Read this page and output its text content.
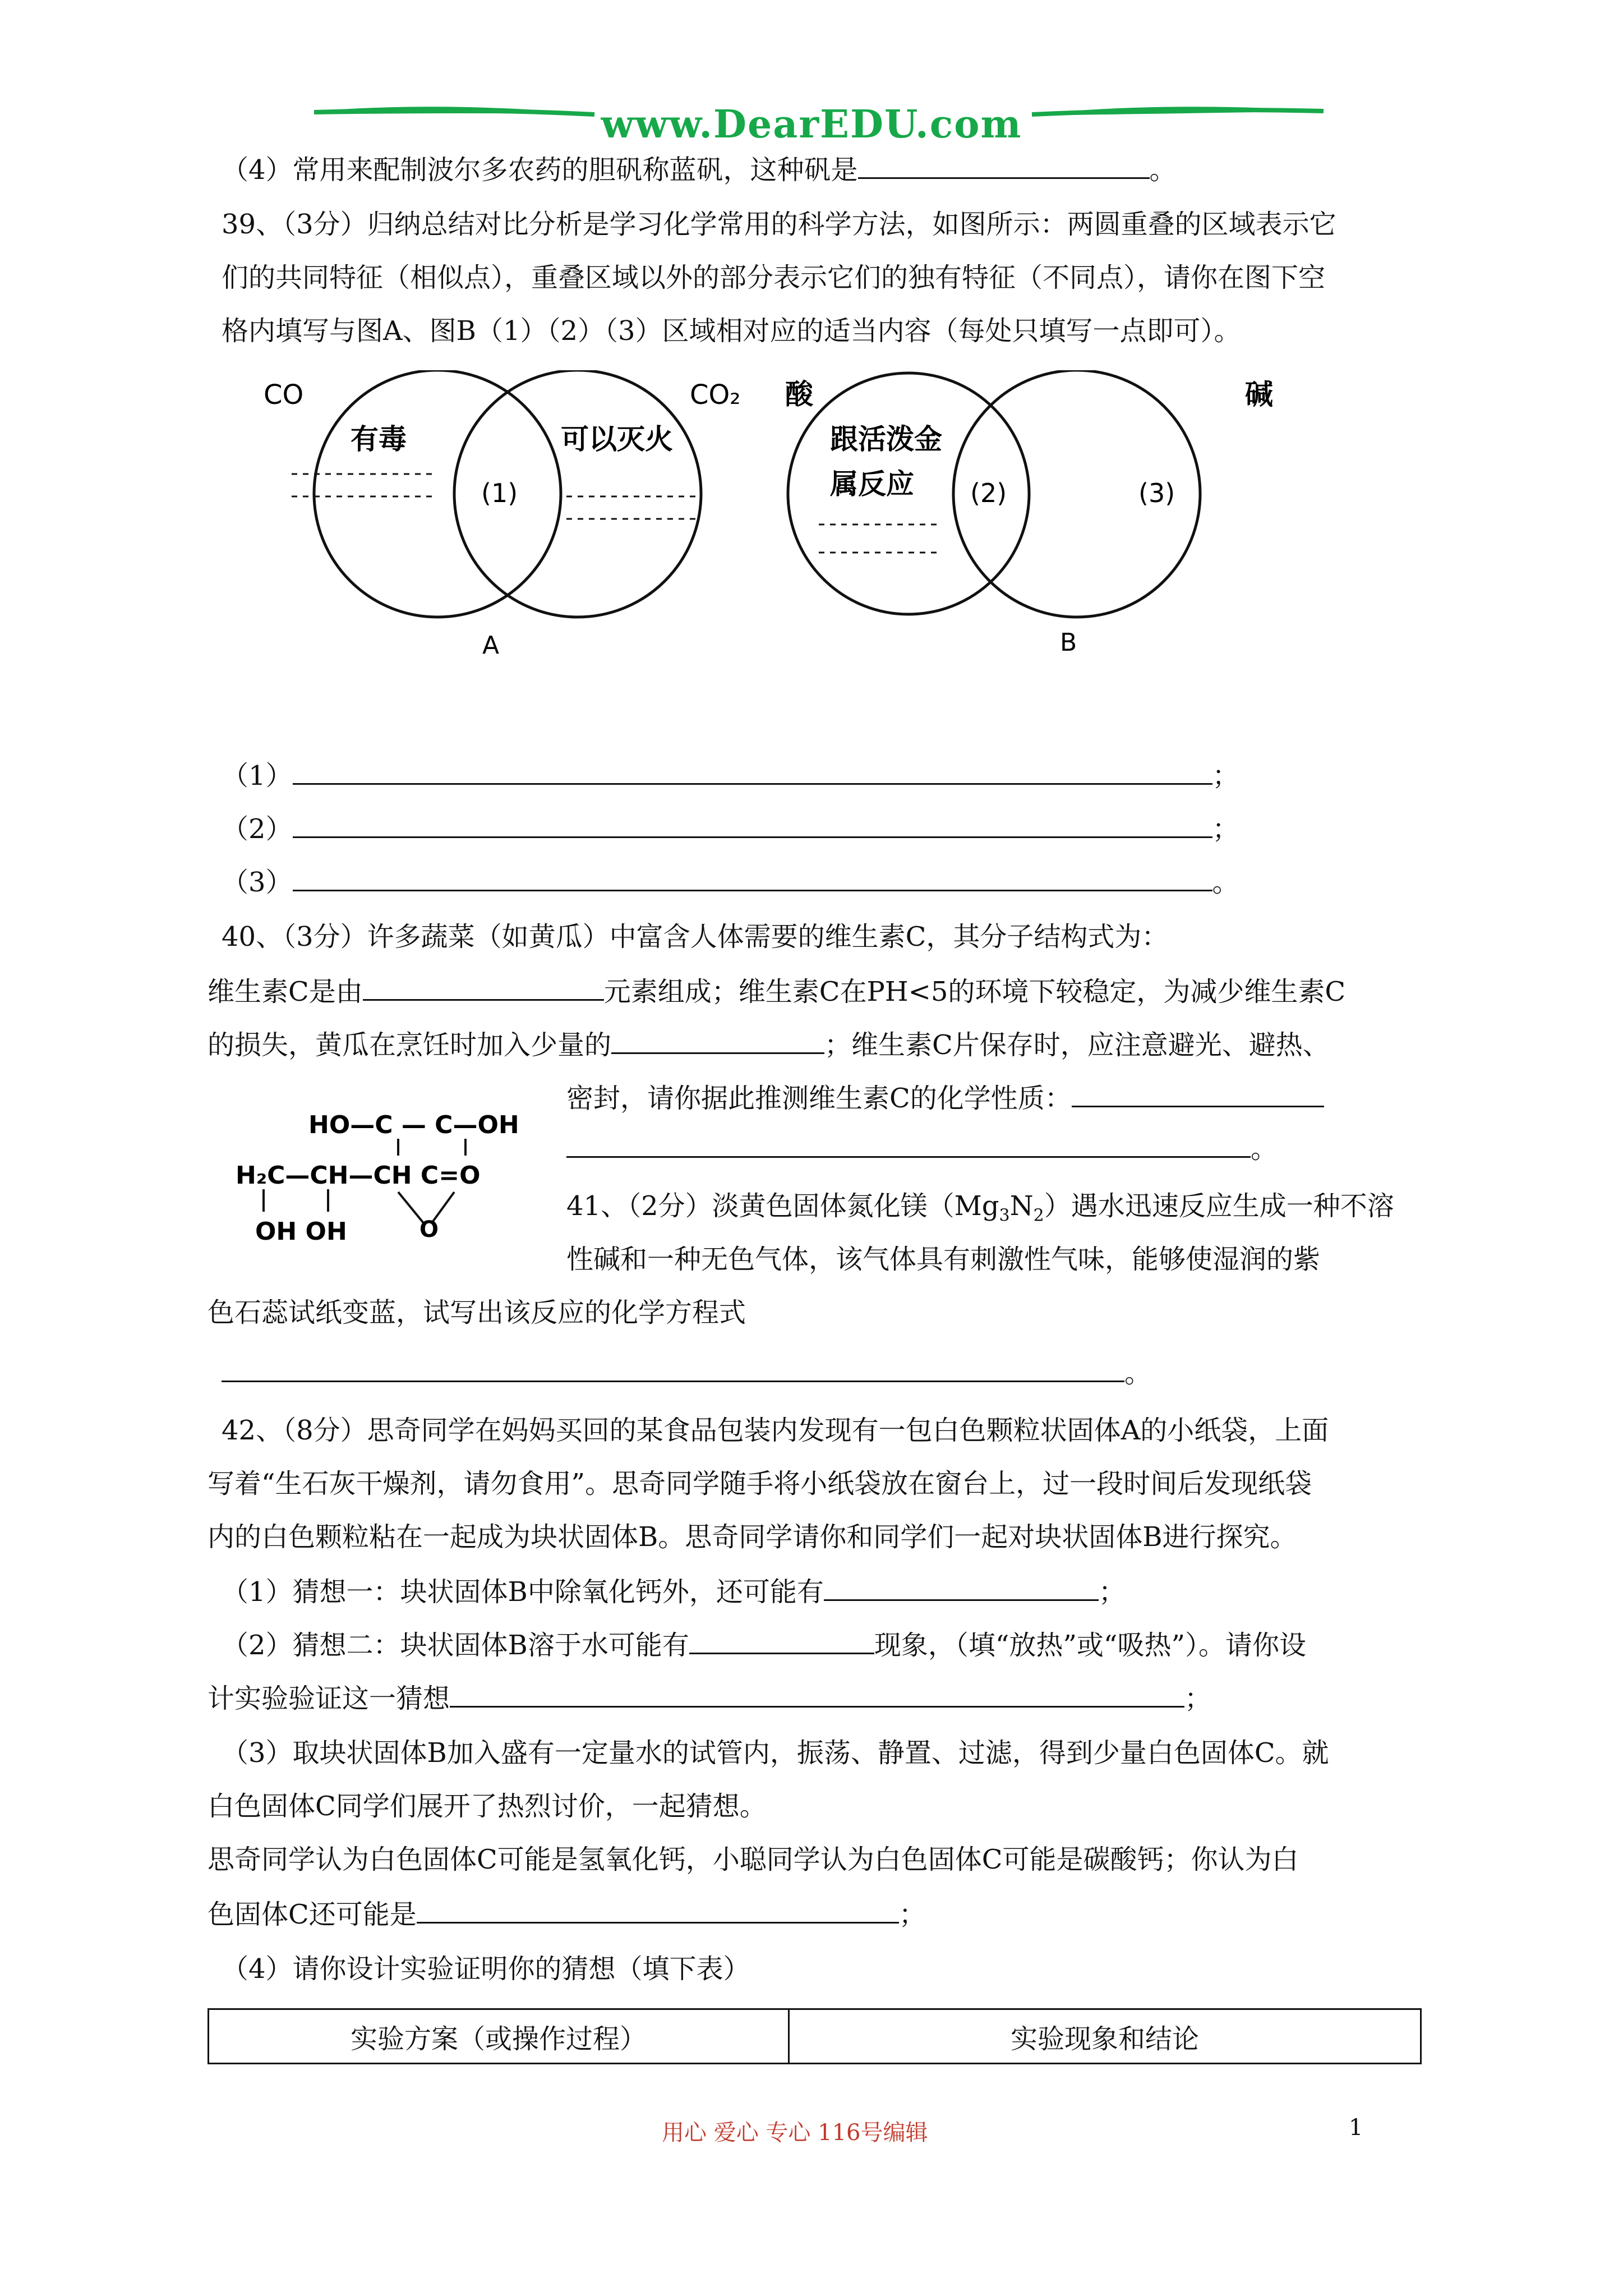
www.DearEDU.com
（4）常用来配制波尔多农药的胆矾称蓝矾，这种矾是	。
39、（3分）归纳总结对比分析是学习化学常用的科学方法，如图所示：两圆重叠的区域表示它
们的共同特征（相似点），重叠区域以外的部分表示它们的独有特征（不同点），请你在图下空
格内填写与图A、图B（1）（2）（3）区域相对应的适当内容（每处只填写一点即可）。
CO	CO₂
有毒	可以灭火
(1)
A
酸	碱
跟活泼金
属反应 (2)	(3)
B
（1）	；
（2）	；
（3）	。
40、（3分）许多蔬菜（如黄瓜）中富含人体需要的维生素C，其分子结构式为：
维生素C是由	元素组成；维生素C在PH<5的环境下较稳定，为减少维生素C
的损失，黄瓜在烹饪时加入少量的	；维生素C片保存时，应注意避光、避热、
HO—C — C—OH
H₂C—CH—CH C=O
OH OH	O
密封，请你据此推测维生素C的化学性质：
。
41、（2分）淡黄色固体氮化镁$(Mg_3N_2)$遇水迅速反应生成一种不溶
性碱和一种无色气体，该气体具有刺激性气味，能够使湿润的紫
色石蕊试纸变蓝，试写出该反应的化学方程式
。
42、（8分）思奇同学在妈妈买回的某食品包装内发现有一包白色颗粒状固体A的小纸袋，上面
写着“生石灰干燥剂，请勿食用”。思奇同学随手将小纸袋放在窗台上，过一段时间后发现纸袋
内的白色颗粒粘在一起成为块状固体B。思奇同学请你和同学们一起对块状固体B进行探究。
（1）猜想一：块状固体B中除氧化钙外，还可能有	；
（2）猜想二：块状固体B溶于水可能有	现象，（填“放热”或“吸热”）。请你设
计实验验证这一猜想	；
（3）取块状固体B加入盛有一定量水的试管内，振荡、静置、过滤，得到少量白色固体C。就
白色固体C同学们展开了热烈讨价，一起猜想。
思奇同学认为白色固体C可能是氢氧化钙，小聪同学认为白色固体C可能是碳酸钙；你认为白
色固体C还可能是	；
（4）请你设计实验证明你的猜想（填下表）
实验方案（或操作过程）	实验现象和结论
用心 爱心 专心 116号编辑	1
